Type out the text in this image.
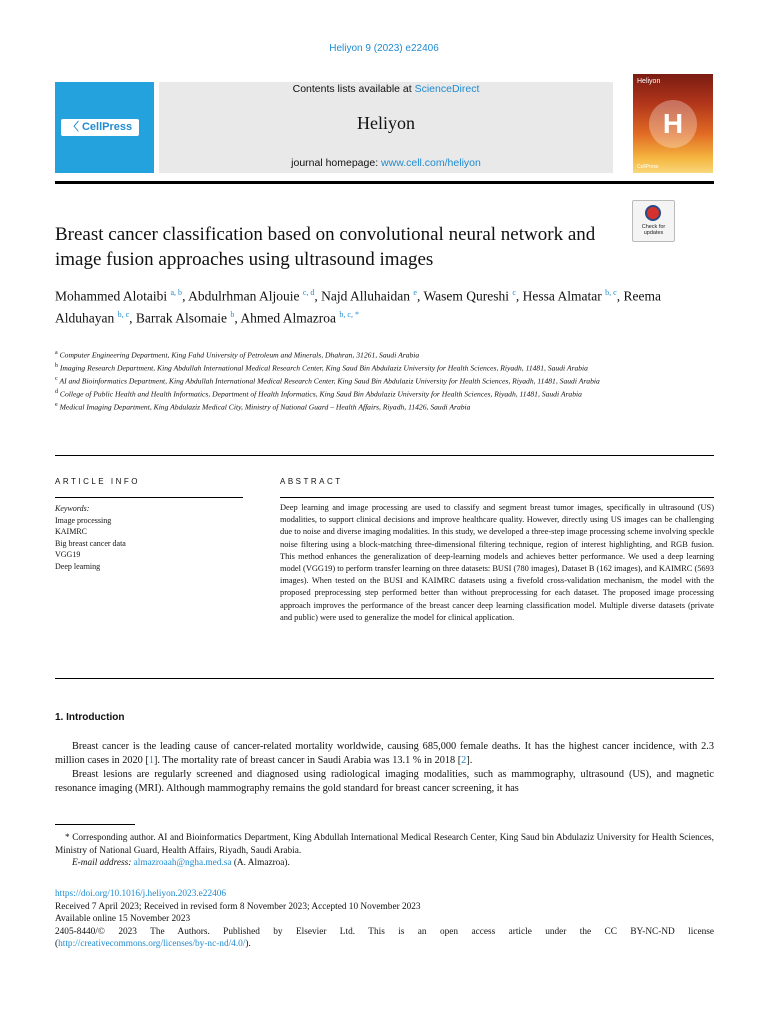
Heliyon 9 (2023) e22406
〈 CellPress
Contents lists available at ScienceDirect
Heliyon
journal homepage: www.cell.com/heliyon
Heliyon
H
CellPress
Check for updates
Breast cancer classification based on convolutional neural network and image fusion approaches using ultrasound images
Mohammed Alotaibi $^{a, b}$, Abdulrhman Aljouie $^{c, d}$, Najd Alluhaidan $^e$, Wasem Qureshi $^c$, Hessa Almatar $^{b, c}$, Reema Alduhayan $^{b, c}$, Barrak Alsomaie $^b$, Ahmed Almazroa $^{b, c, *}$
$^a$ Computer Engineering Department, King Fahd University of Petroleum and Minerals, Dhahran, 31261, Saudi Arabia
$^b$ Imaging Research Department, King Abdullah International Medical Research Center, King Saud Bin Abdulaziz University for Health Sciences, Riyadh, 11481, Saudi Arabia
$^c$ AI and Bioinformatics Department, King Abdullah International Medical Research Center, King Saud Bin Abdulaziz University for Health Sciences, Riyadh, 11481, Saudi Arabia
$^d$ College of Public Health and Health Informatics, Department of Health Informatics, King Saud Bin Abdulaziz University for Health Sciences, Riyadh, 11481, Saudi Arabia
$^e$ Medical Imaging Department, King Abdulaziz Medical City, Ministry of National Guard – Health Affairs, Riyadh, 11426, Saudi Arabia
ARTICLE INFO	ABSTRACT
Keywords:
Image processing
KAIMRC
Big breast cancer data
VGG19
Deep learning
Deep learning and image processing are used to classify and segment breast tumor images, specifically in ultrasound (US) modalities, to support clinical decisions and improve healthcare quality. However, directly using US images can be challenging due to noise and diverse imaging modalities. In this study, we developed a three-step image processing scheme involving speckle noise filtering using a block-matching three-dimensional filtering technique, region of interest highlighting, and RGB fusion. This method enhances the generalization of deep-learning models and achieves better performance. We used a deep learning model (VGG19) to perform transfer learning on three datasets: BUSI (780 images), Dataset B (162 images), and KAIMRC (5693 images). When tested on the BUSI and KAIMRC datasets using a fivefold cross-validation mechanism, the model with the proposed preprocessing step performed better than without preprocessing for each dataset. The proposed image processing approach improves the performance of the breast cancer deep learning classification model. Multiple diverse datasets (private and public) were used to generalize the model for clinical application.
1. Introduction
Breast cancer is the leading cause of cancer-related mortality worldwide, causing 685,000 female deaths. It has the highest cancer incidence, with 2.3 million cases in 2020 [1]. The mortality rate of breast cancer in Saudi Arabia was 13.1 % in 2018 [2].
Breast lesions are regularly screened and diagnosed using radiological imaging modalities, such as mammography, ultrasound (US), and magnetic resonance imaging (MRI). Although mammography remains the gold standard for breast cancer screening, it has
* Corresponding author. AI and Bioinformatics Department, King Abdullah International Medical Research Center, King Saud bin Abdulaziz University for Health Sciences, Ministry of National Guard, Health Affairs, Riyadh, Saudi Arabia.
E-mail address: almazroaah@ngha.med.sa (A. Almazroa).
https://doi.org/10.1016/j.heliyon.2023.e22406
Received 7 April 2023; Received in revised form 8 November 2023; Accepted 10 November 2023
Available online 15 November 2023
2405-8440/© 2023 The Authors. Published by Elsevier Ltd. This is an open access article under the CC BY-NC-ND license
(http://creativecommons.org/licenses/by-nc-nd/4.0/).
